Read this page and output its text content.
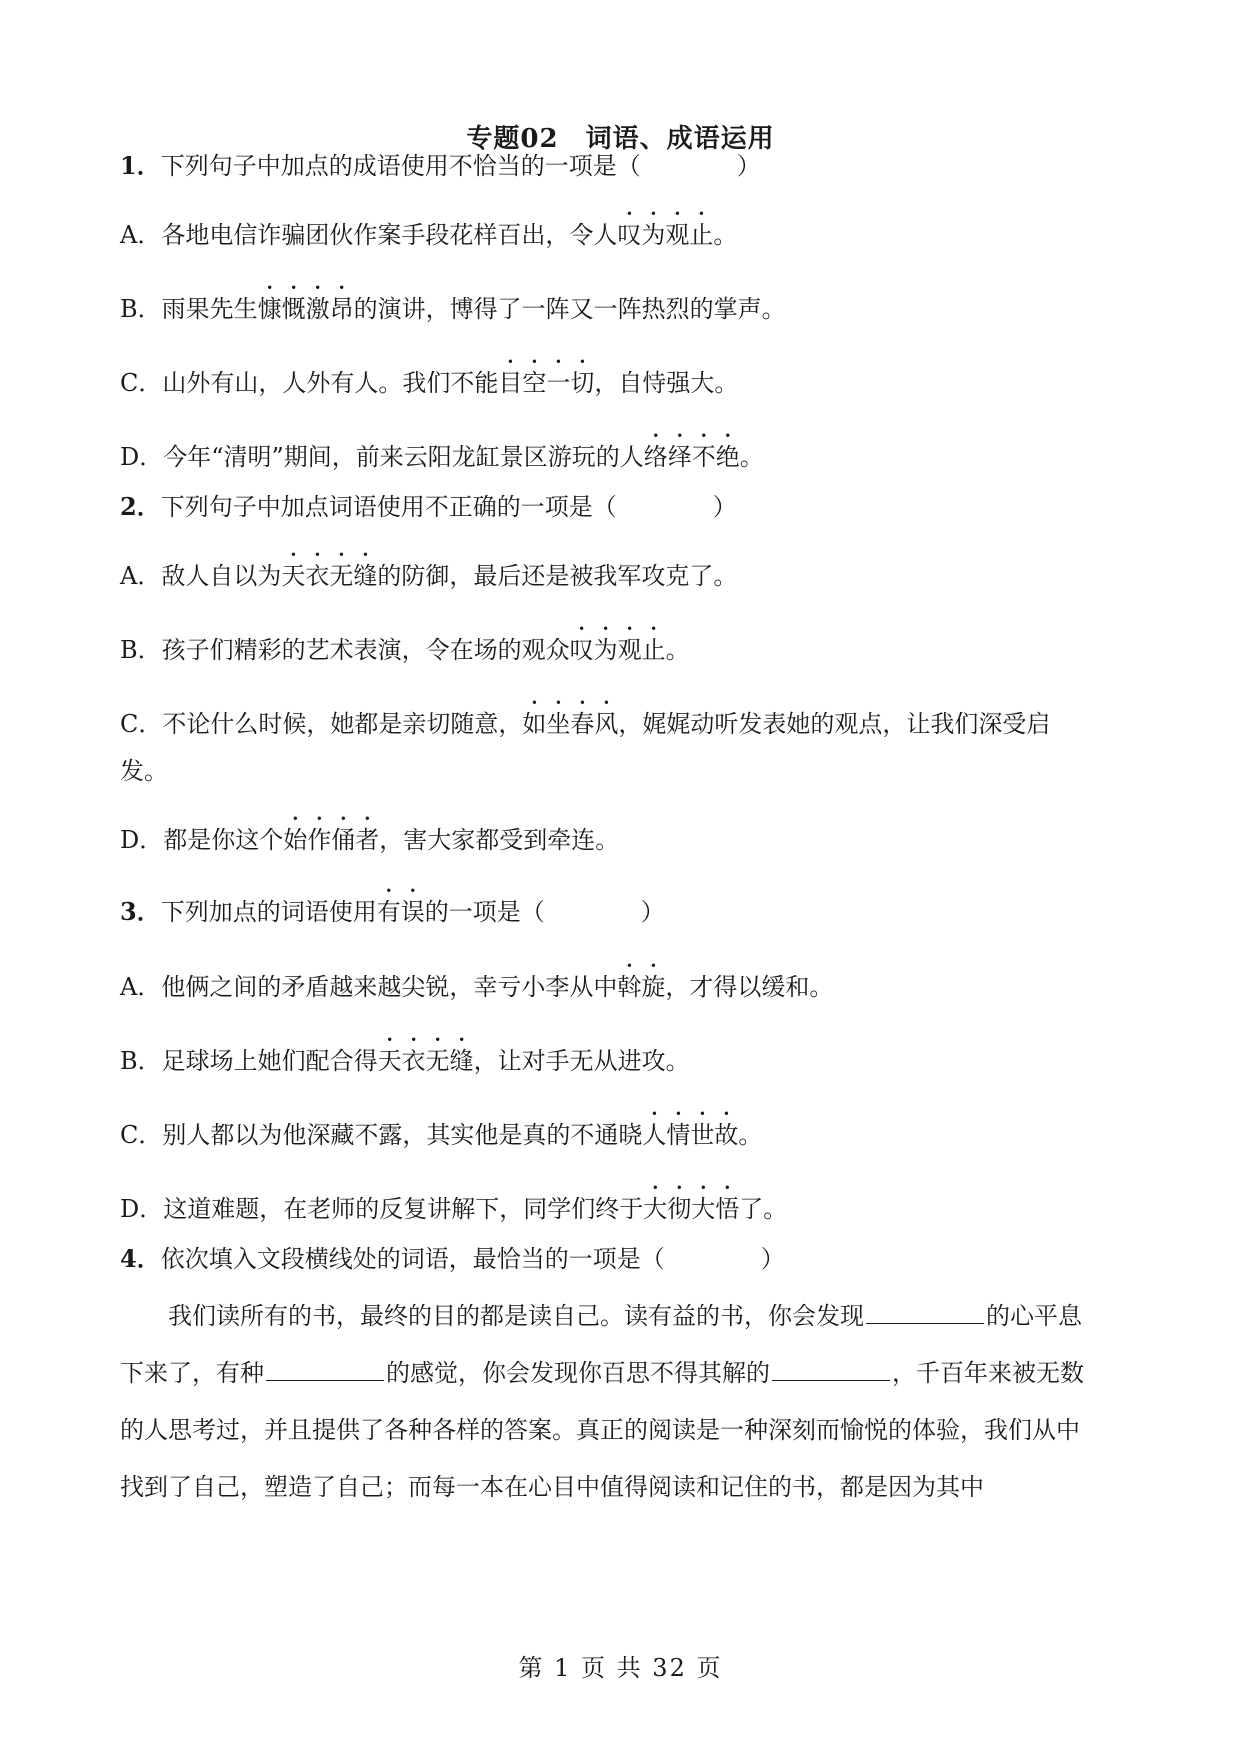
专题02　词语、成语运用
1．下列句子中加点的成语使用不恰当的一项是（　　　　）
A．各地电信诈骗团伙作案手段花样百出，令人叹为观止。
B．雨果先生慷慨激昂的演讲，博得了一阵又一阵热烈的掌声。
C．山外有山，人外有人。我们不能目空一切，自恃强大。
D．今年“清明”期间，前来云阳龙缸景区游玩的人络绎不绝。
2．下列句子中加点词语使用不正确的一项是（　　　　）
A．敌人自以为天衣无缝的防御，最后还是被我军攻克了。
B．孩子们精彩的艺术表演，令在场的观众叹为观止。
C．不论什么时候，她都是亲切随意，如坐春风，娓娓动听发表她的观点，让我们深受启
发。
D．都是你这个始作俑者，害大家都受到牵连。
3．下列加点的词语使用有误的一项是（　　　　）
A．他俩之间的矛盾越来越尖锐，幸亏小李从中斡旋，才得以缓和。
B．足球场上她们配合得天衣无缝，让对手无从进攻。
C．别人都以为他深藏不露，其实他是真的不通晓人情世故。
D．这道难题，在老师的反复讲解下，同学们终于大彻大悟了。
4．依次填入文段横线处的词语，最恰当的一项是（　　　　）
我们读所有的书，最终的目的都是读自己。读有益的书，你会发现	的心平息
下来了，有种	的感觉，你会发现你百思不得其解的	，千百年来被无数
的人思考过，并且提供了各种各样的答案。真正的阅读是一种深刻而愉悦的体验，我们从中
找到了自己，塑造了自己；而每一本在心目中值得阅读和记住的书，都是因为其中
第 1 页 共 32 页
